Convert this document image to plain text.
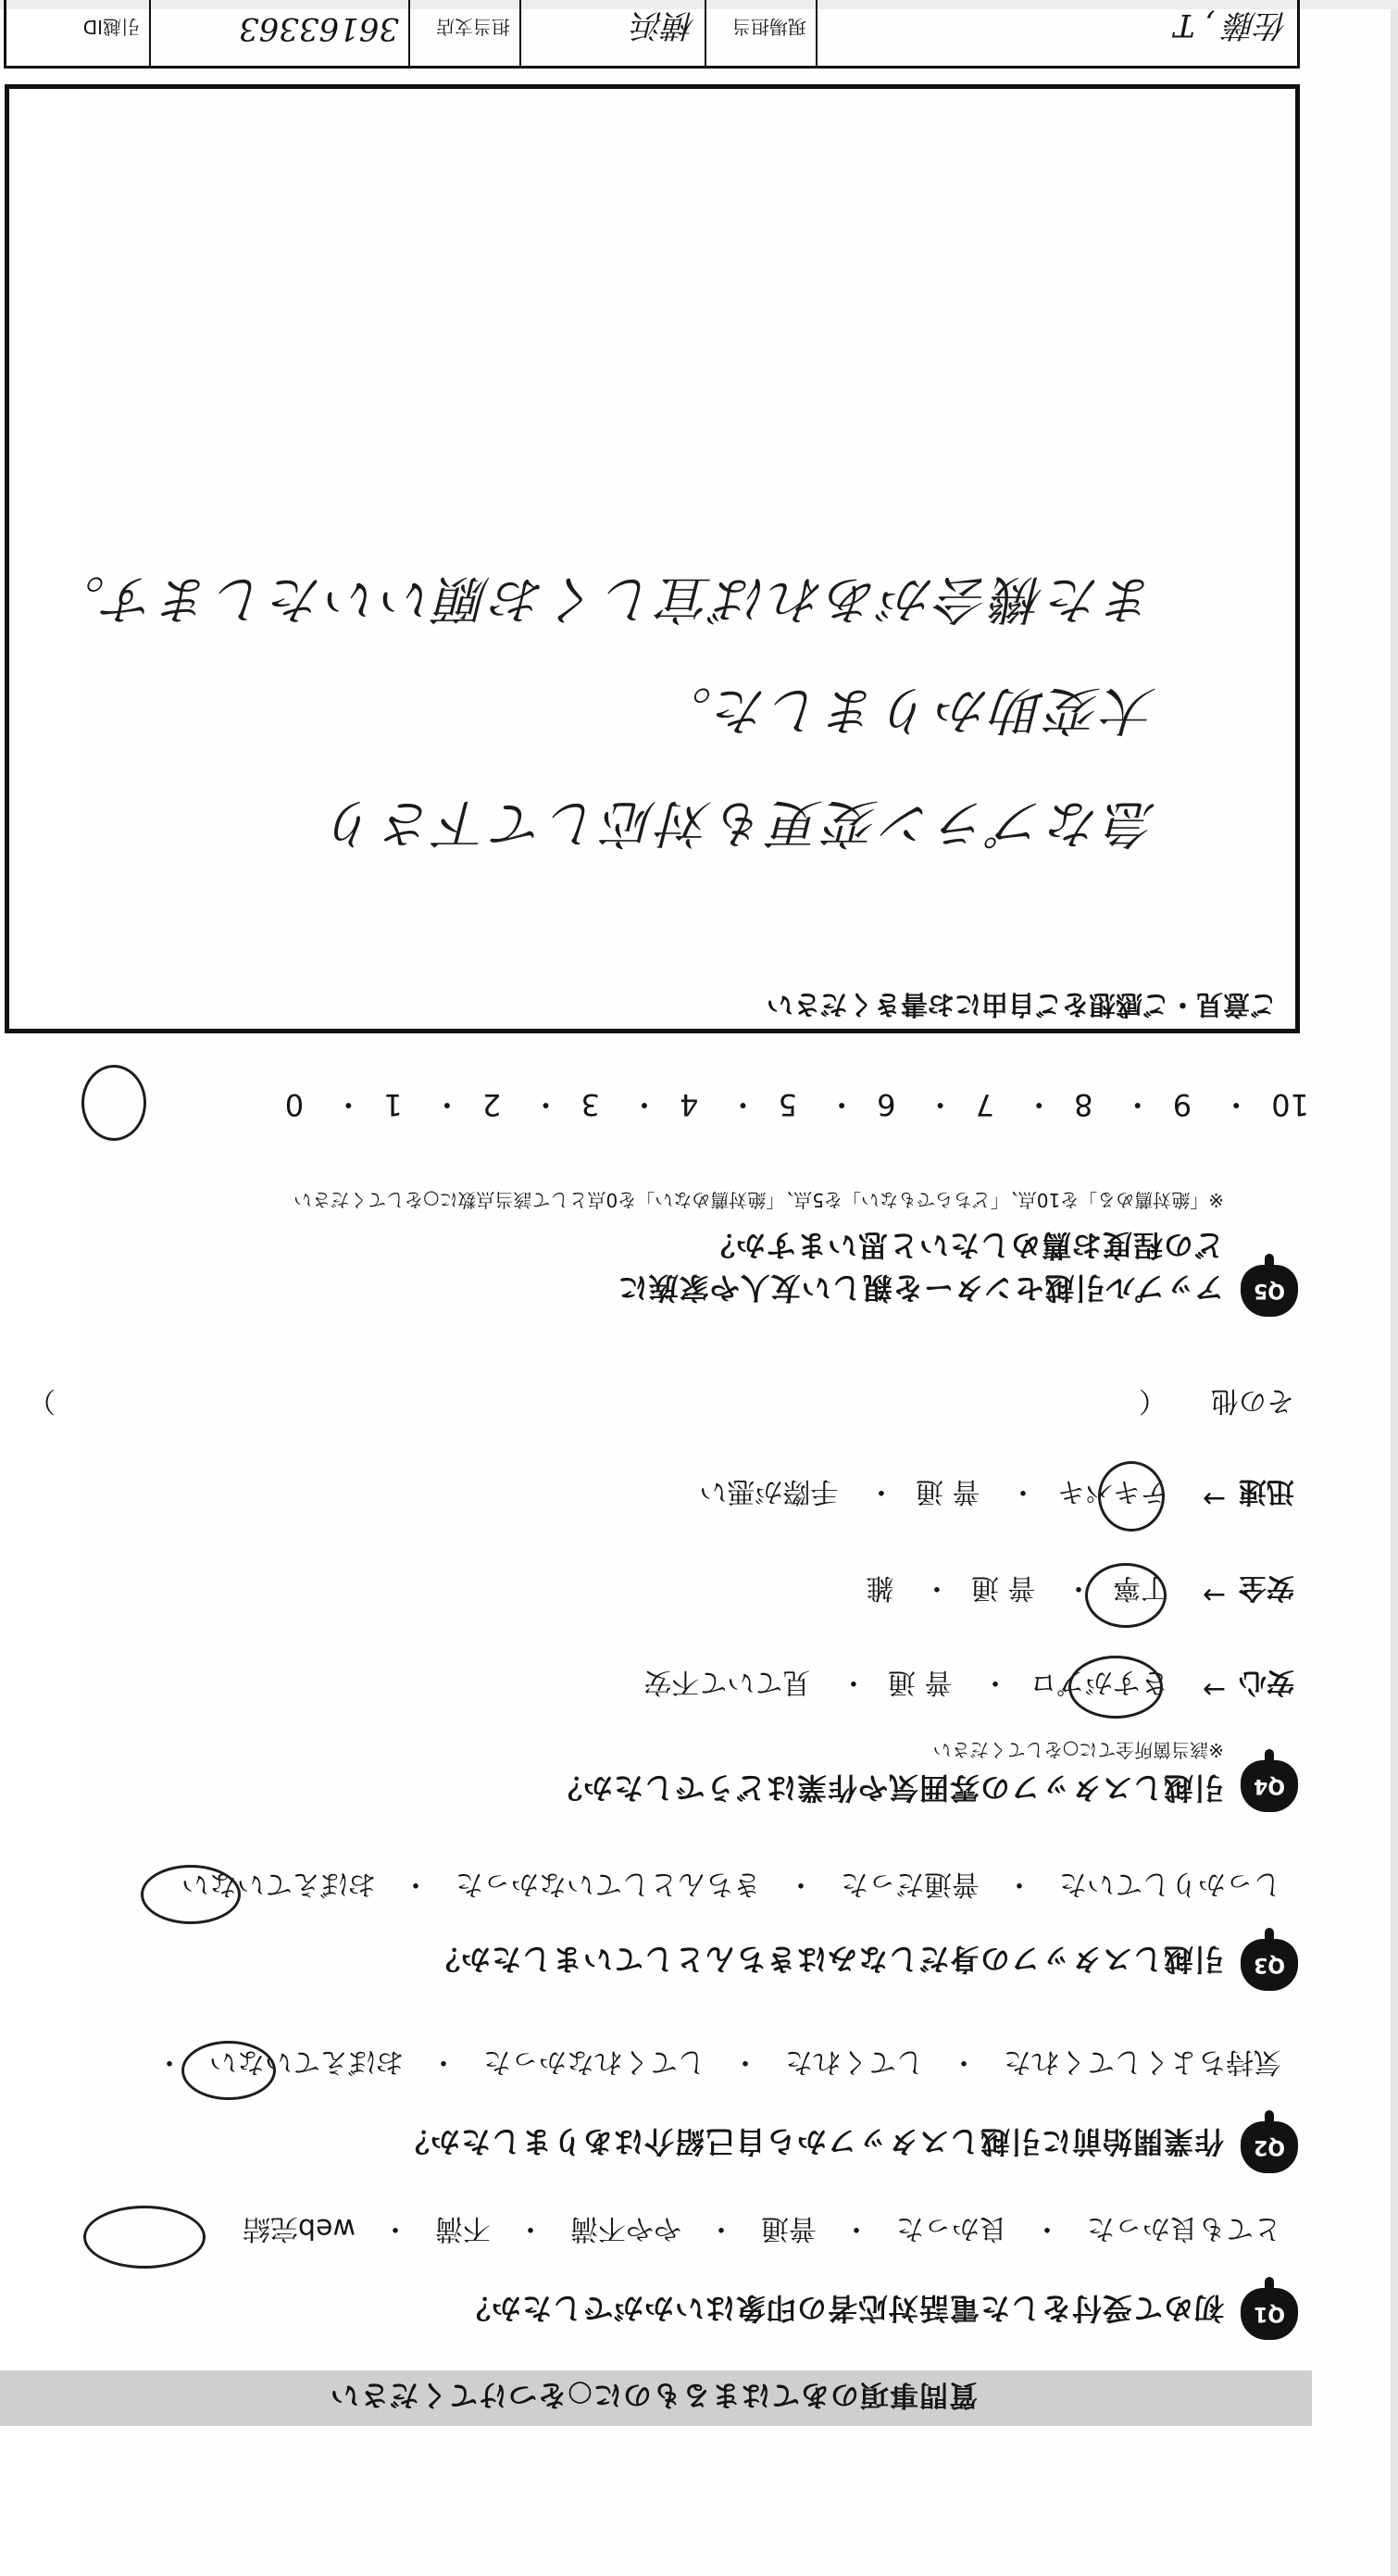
質問事項のあてはまるものに○をつけてください
Q1
初めて受付をした電話対応者の印象はいかがでしたか？
とても良かった
・
良かった
・
普通
・
やや不満
・
不満
・
web完結
Q2
作業開始前に引越しスタッフから自己紹介はありましたか？
気持ちよくしてくれた
・
してくれた
・
してくれなかった
・
おぼえていない
・
Q3
引越しスタッフの身だしなみはきちんとしていましたか？
しっかりしていた
・
普通だった
・
きちんとしていなかった
・
おぼえていない
Q4
引越しスタッフの雰囲気や作業はどうでしたか？
※該当箇所全てに○をしてください
安心
→
さすがプロ・ 普 通・ 見ていて不安
安全
→
丁寧・ 普 通・ 雑
迅速
→
テキパキ・ 普 通・ 手際が悪い
その他
（
）
Q5
アップル引越センターを親しい友人や家族に
どの程度お薦めしたいと思いますか？
※「絶対薦める」を10点、「どちらでもない」を5点、「絶対薦めない」を0点として該当点数に○をしてください
10・ 9・ 8・ 7・ 6・ 5・ 4・ 3・ 2・ 1・ 0
ご意見・ご感想をご自由にお書きください
急なプラン変更も対応して下さり
大変助かりました。
また機会があれば宜しくお願いいたします。
佐藤 , T
現場担当
横浜
担当支店
36163363
引越ID
